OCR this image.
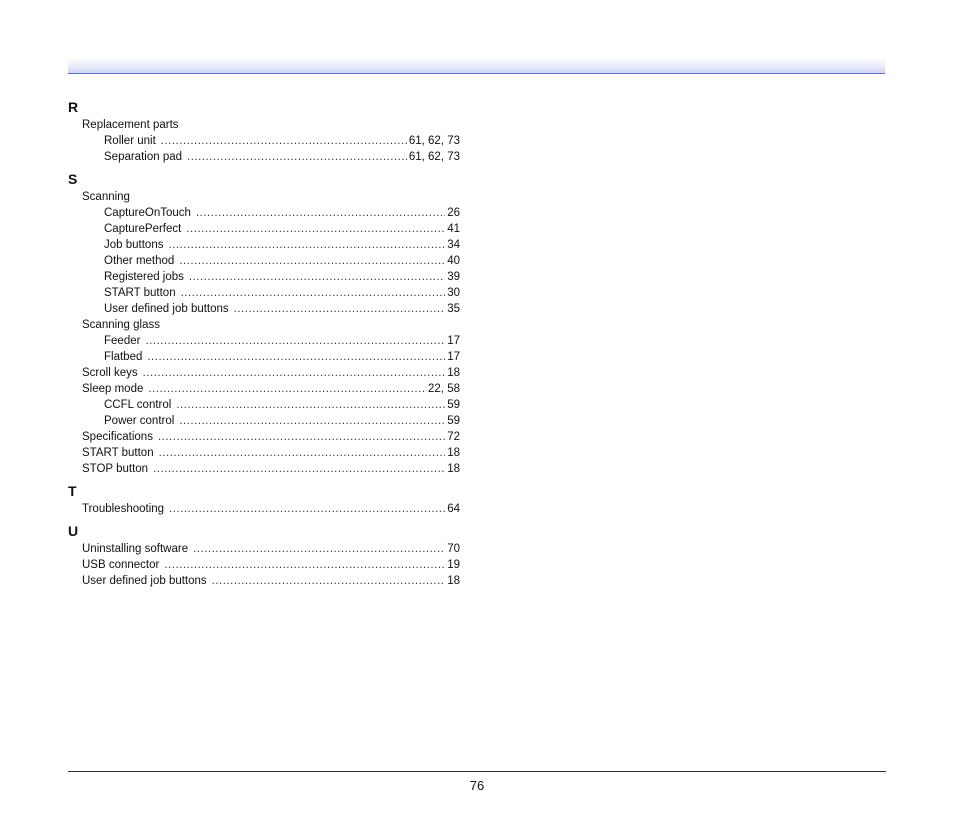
R
Replacement parts
Roller unit .....	61, 62, 73
Separation pad .....	61, 62, 73
S
Scanning
CaptureOnTouch .....	26
CapturePerfect .....	41
Job buttons .....	34
Other method .....	40
Registered jobs .....	39
START button .....	30
User defined job buttons .....	35
Scanning glass
Feeder .....	17
Flatbed .....	17
Scroll keys .....	18
Sleep mode .....	22, 58
CCFL control .....	59
Power control .....	59
Specifications .....	72
START button .....	18
STOP button .....	18
T
Troubleshooting .....	64
U
Uninstalling software .....	70
USB connector .....	19
User defined job buttons .....	18
76
